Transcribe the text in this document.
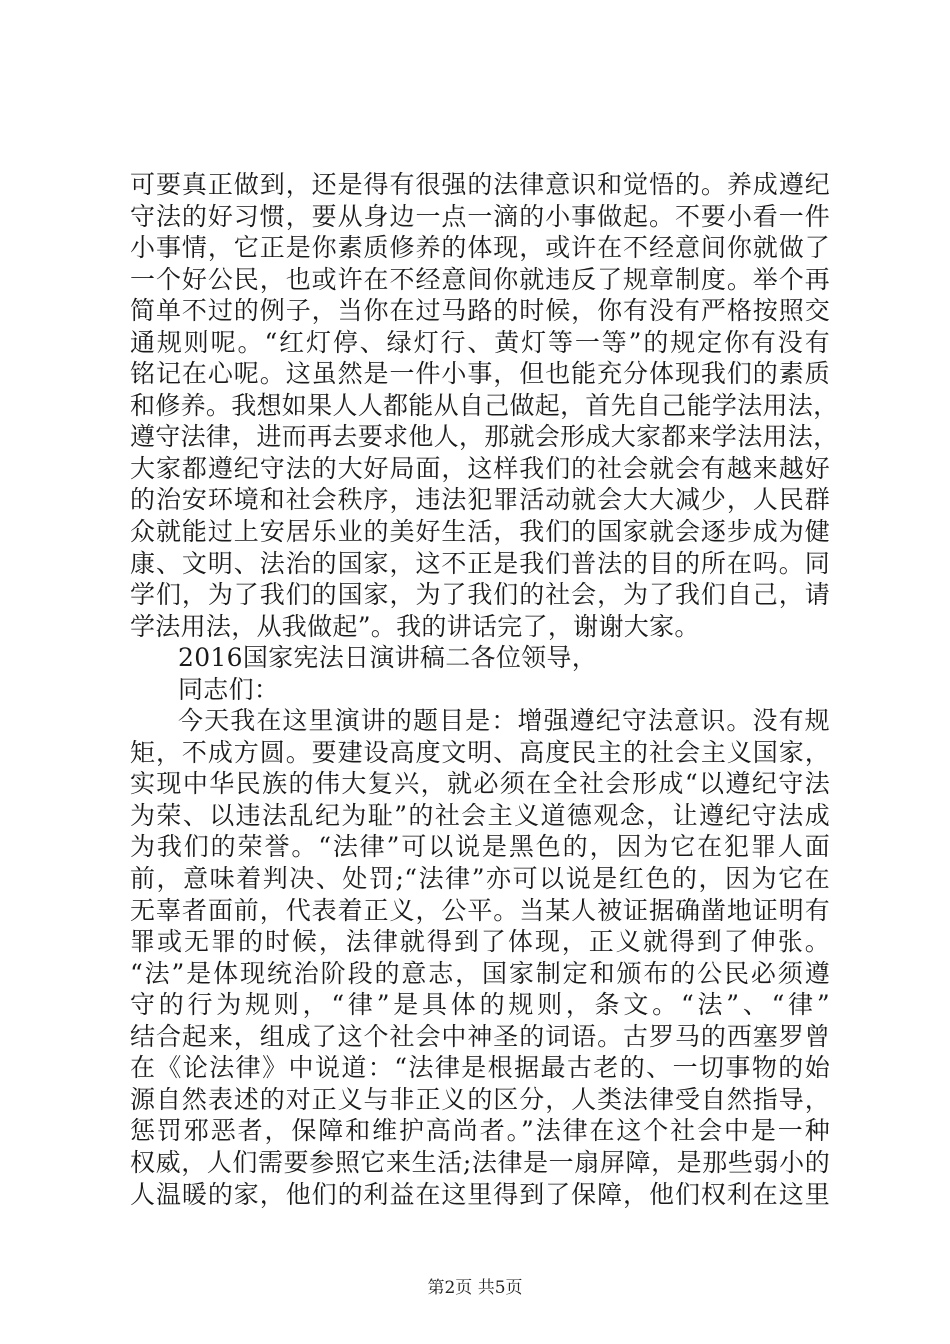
可要真正做到，还是得有很强的法律意识和觉悟的。养成遵纪
守法的好习惯，要从身边一点一滴的小事做起。不要小看一件
小事情，它正是你素质修养的体现，或许在不经意间你就做了
一个好公民，也或许在不经意间你就违反了规章制度。举个再
简单不过的例子，当你在过马路的时候，你有没有严格按照交
通规则呢。“红灯停、绿灯行、黄灯等一等”的规定你有没有
铭记在心呢。这虽然是一件小事，但也能充分体现我们的素质
和修养。我想如果人人都能从自己做起，首先自己能学法用法，
遵守法律，进而再去要求他人，那就会形成大家都来学法用法，
大家都遵纪守法的大好局面，这样我们的社会就会有越来越好
的治安环境和社会秩序，违法犯罪活动就会大大减少，人民群
众就能过上安居乐业的美好生活，我们的国家就会逐步成为健
康、文明、法治的国家，这不正是我们普法的目的所在吗。同
学们，为了我们的国家，为了我们的社会，为了我们自己，请
学法用法，从我做起”。我的讲话完了，谢谢大家。
2016国家宪法日演讲稿二各位领导，
同志们：
今天我在这里演讲的题目是：增强遵纪守法意识。没有规
矩，不成方圆。要建设高度文明、高度民主的社会主义国家，
实现中华民族的伟大复兴，就必须在全社会形成“以遵纪守法
为荣、以违法乱纪为耻”的社会主义道德观念，让遵纪守法成
为我们的荣誉。“法律”可以说是黑色的，因为它在犯罪人面
前，意味着判决、处罚;“法律”亦可以说是红色的，因为它在
无辜者面前，代表着正义，公平。当某人被证据确凿地证明有
罪或无罪的时候，法律就得到了体现，正义就得到了伸张。
“法”是体现统治阶段的意志，国家制定和颁布的公民必须遵
守的行为规则，“律”是具体的规则，条文。“法”、“律”
结合起来，组成了这个社会中神圣的词语。古罗马的西塞罗曾
在《论法律》中说道：“法律是根据最古老的、一切事物的始
源自然表述的对正义与非正义的区分，人类法律受自然指导，
惩罚邪恶者，保障和维护高尚者。”法律在这个社会中是一种
权威，人们需要参照它来生活;法律是一扇屏障，是那些弱小的
人温暖的家，他们的利益在这里得到了保障，他们权利在这里
第2页 共5页
